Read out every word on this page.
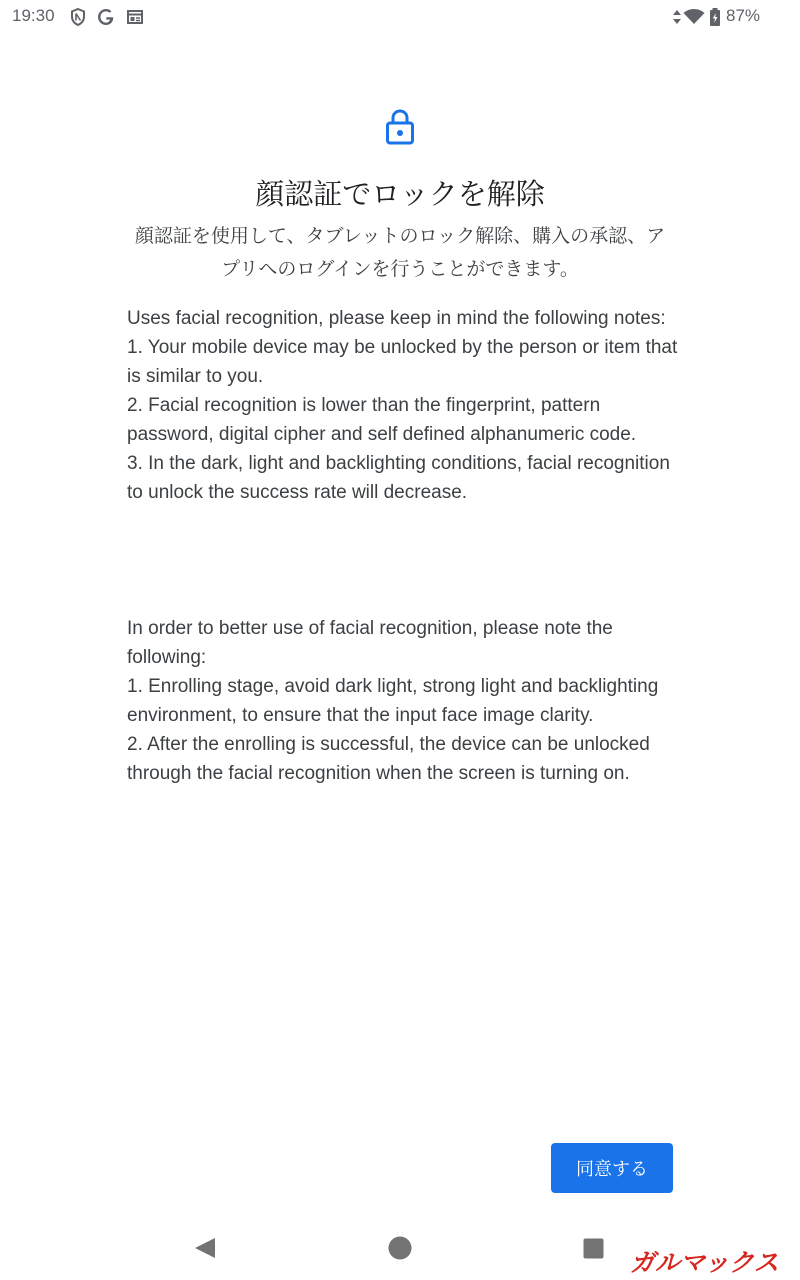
19:30	87%
顔認証でロックを解除
顔認証を使用して、タブレットのロック解除、購入の承認、アプリへのログインを行うことができます。
Uses facial recognition, please keep in mind the following notes:
1. Your mobile device may be unlocked by the person or item that is similar to you.
2. Facial recognition is lower than the fingerprint, pattern password, digital cipher and self defined alphanumeric code.
3. In the dark, light and backlighting conditions, facial recognition to unlock the success rate will decrease.
In order to better use of facial recognition, please note the following:
1. Enrolling stage, avoid dark light, strong light and backlighting environment, to ensure that the input face image clarity.
2. After the enrolling is successful, the device can be unlocked through the facial recognition when the screen is turning on.
同意する
ガルマックス
